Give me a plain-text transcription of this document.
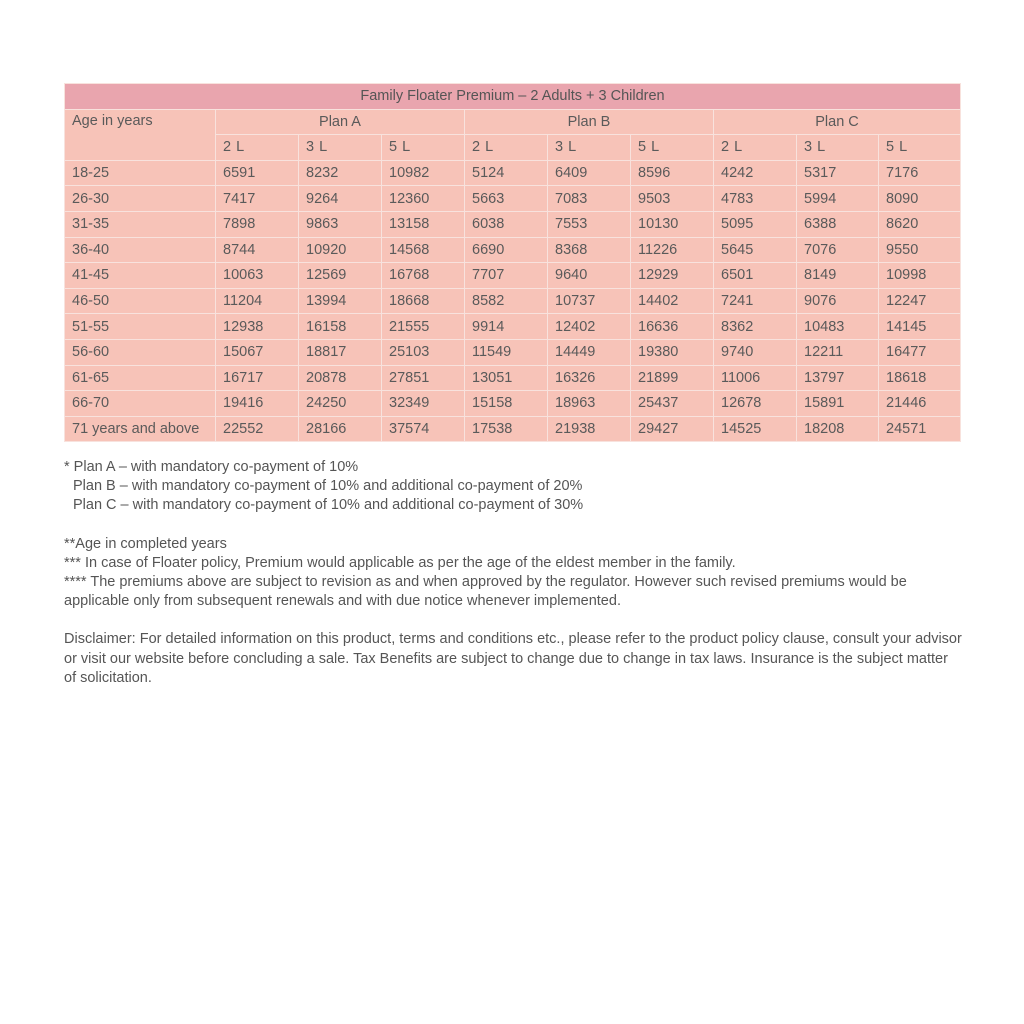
Family Floater Premium – 2 Adults + 3 Children									
Age in years	Plan A			Plan B			Plan C		
	2 L	3 L	5 L	2 L	3 L	5 L	2 L	3 L	5 L
18-25	6591	8232	10982	5124	6409	8596	4242	5317	7176
26-30	7417	9264	12360	5663	7083	9503	4783	5994	8090
31-35	7898	9863	13158	6038	7553	10130	5095	6388	8620
36-40	8744	10920	14568	6690	8368	11226	5645	7076	9550
41-45	10063	12569	16768	7707	9640	12929	6501	8149	10998
46-50	11204	13994	18668	8582	10737	14402	7241	9076	12247
51-55	12938	16158	21555	9914	12402	16636	8362	10483	14145
56-60	15067	18817	25103	11549	14449	19380	9740	12211	16477
61-65	16717	20878	27851	13051	16326	21899	11006	13797	18618
66-70	19416	24250	32349	15158	18963	25437	12678	15891	21446
71 years and above	22552	28166	37574	17538	21938	29427	14525	18208	24571

* Plan A – with mandatory co-payment of 10%

Plan B – with mandatory co-payment of 10% and additional co-payment of 20%

Plan C – with mandatory co-payment of 10% and additional co-payment of 30%

**Age in completed years

*** In case of Floater policy, Premium would applicable as per the age of the eldest member in the family.

**** The premiums above are subject to revision as and when approved by the regulator. However such revised premiums would be applicable only from subsequent renewals and with due notice whenever implemented.

Disclaimer: For detailed information on this product, terms and conditions etc., please refer to the product policy clause, consult your advisor or visit our website before concluding a sale. Tax Benefits are subject to change due to change in tax laws. Insurance is the subject matter of solicitation.
